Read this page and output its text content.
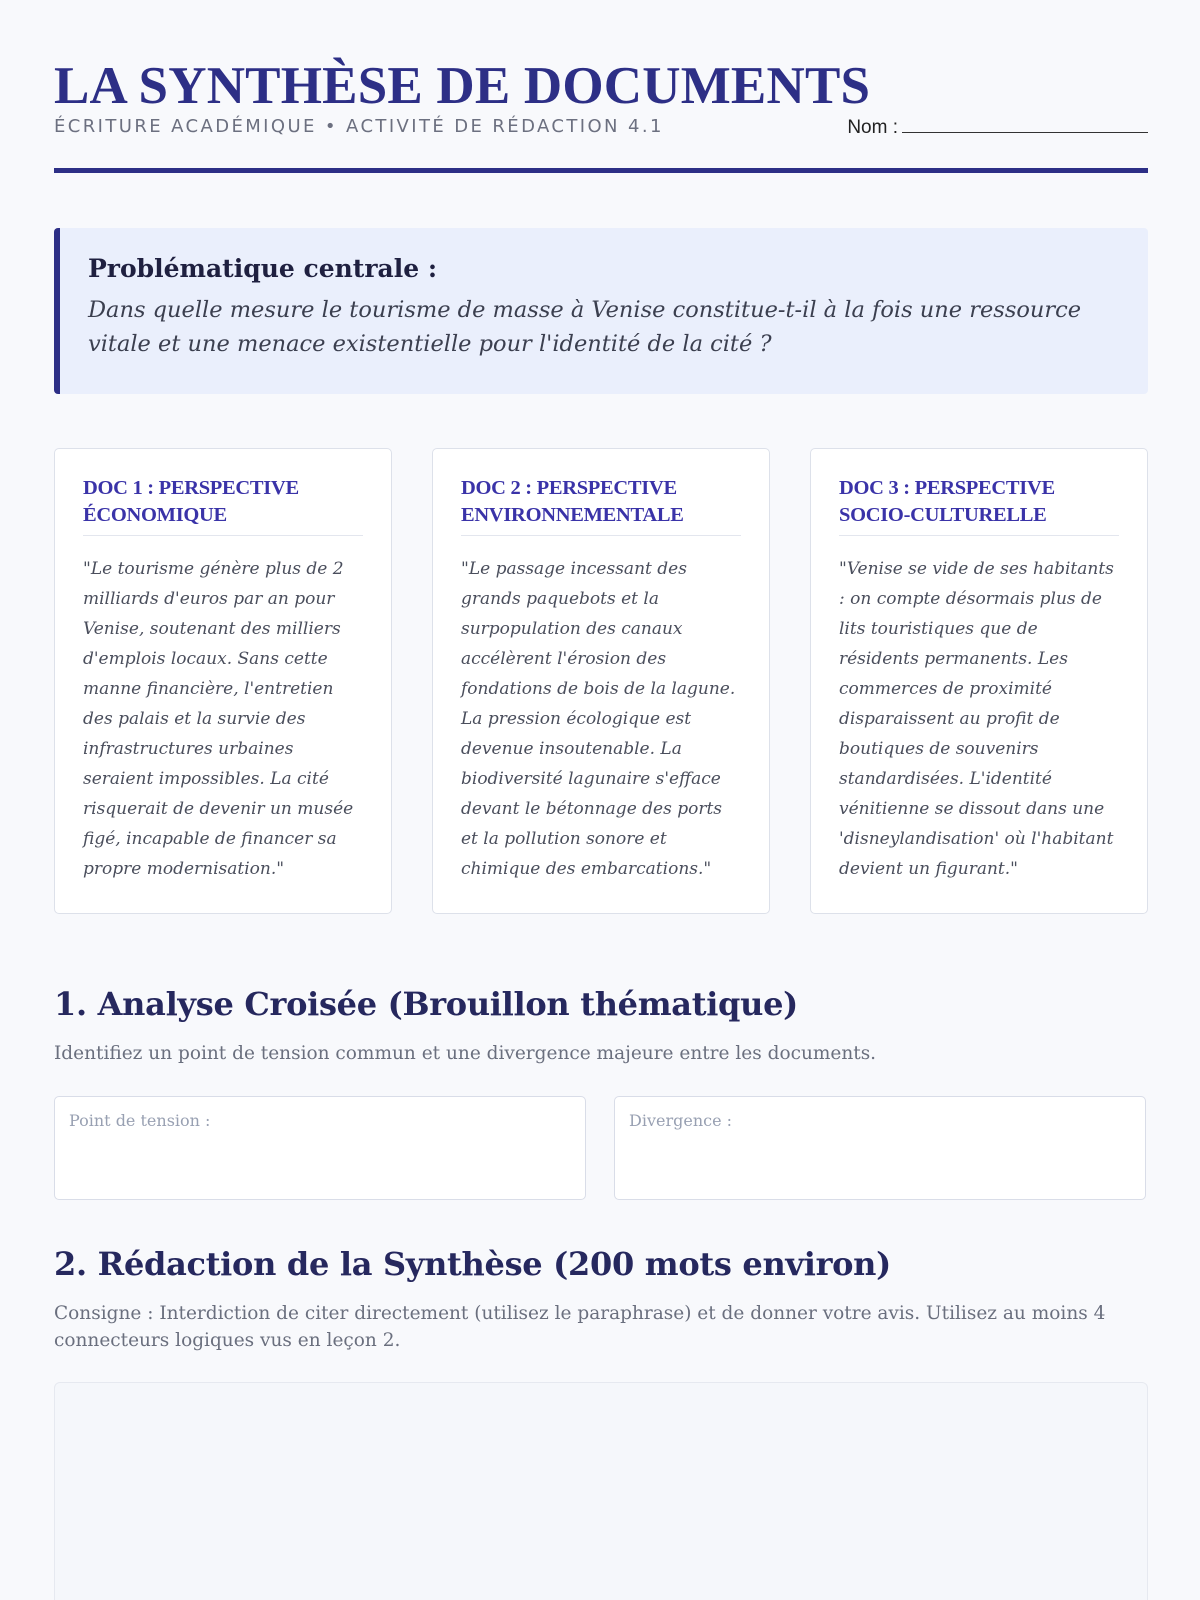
LA SYNTHÈSE DE DOCUMENTS
ÉCRITURE ACADÉMIQUE • ACTIVITÉ DE RÉDACTION 4.1	Nom :
Problématique centrale :
Dans quelle mesure le tourisme de masse à Venise constitue-t-il à la fois une ressource vitale et une menace existentielle pour l'identité de la cité ?
DOC 1 : PERSPECTIVE ÉCONOMIQUE
"Le tourisme génère plus de 2 milliards d'euros par an pour Venise, soutenant des milliers d'emplois locaux. Sans cette manne financière, l'entretien des palais et la survie des infrastructures urbaines seraient impossibles. La cité risquerait de devenir un musée figé, incapable de financer sa propre modernisation."
DOC 2 : PERSPECTIVE ENVIRONNEMENTALE
"Le passage incessant des grands paquebots et la surpopulation des canaux accélèrent l'érosion des fondations de bois de la lagune. La pression écologique est devenue insoutenable. La biodiversité lagunaire s'efface devant le bétonnage des ports et la pollution sonore et chimique des embarcations."
DOC 3 : PERSPECTIVE SOCIO-CULTURELLE
"Venise se vide de ses habitants : on compte désormais plus de lits touristiques que de résidents permanents. Les commerces de proximité disparaissent au profit de boutiques de souvenirs standardisées. L'identité vénitienne se dissout dans une 'disneylandisation' où l'habitant devient un figurant."
1. Analyse Croisée (Brouillon thématique)
Identifiez un point de tension commun et une divergence majeure entre les documents.
Point de tension :	Divergence :
2. Rédaction de la Synthèse (200 mots environ)
Consigne : Interdiction de citer directement (utilisez le paraphrase) et de donner votre avis. Utilisez au moins 4 connecteurs logiques vus en leçon 2.
